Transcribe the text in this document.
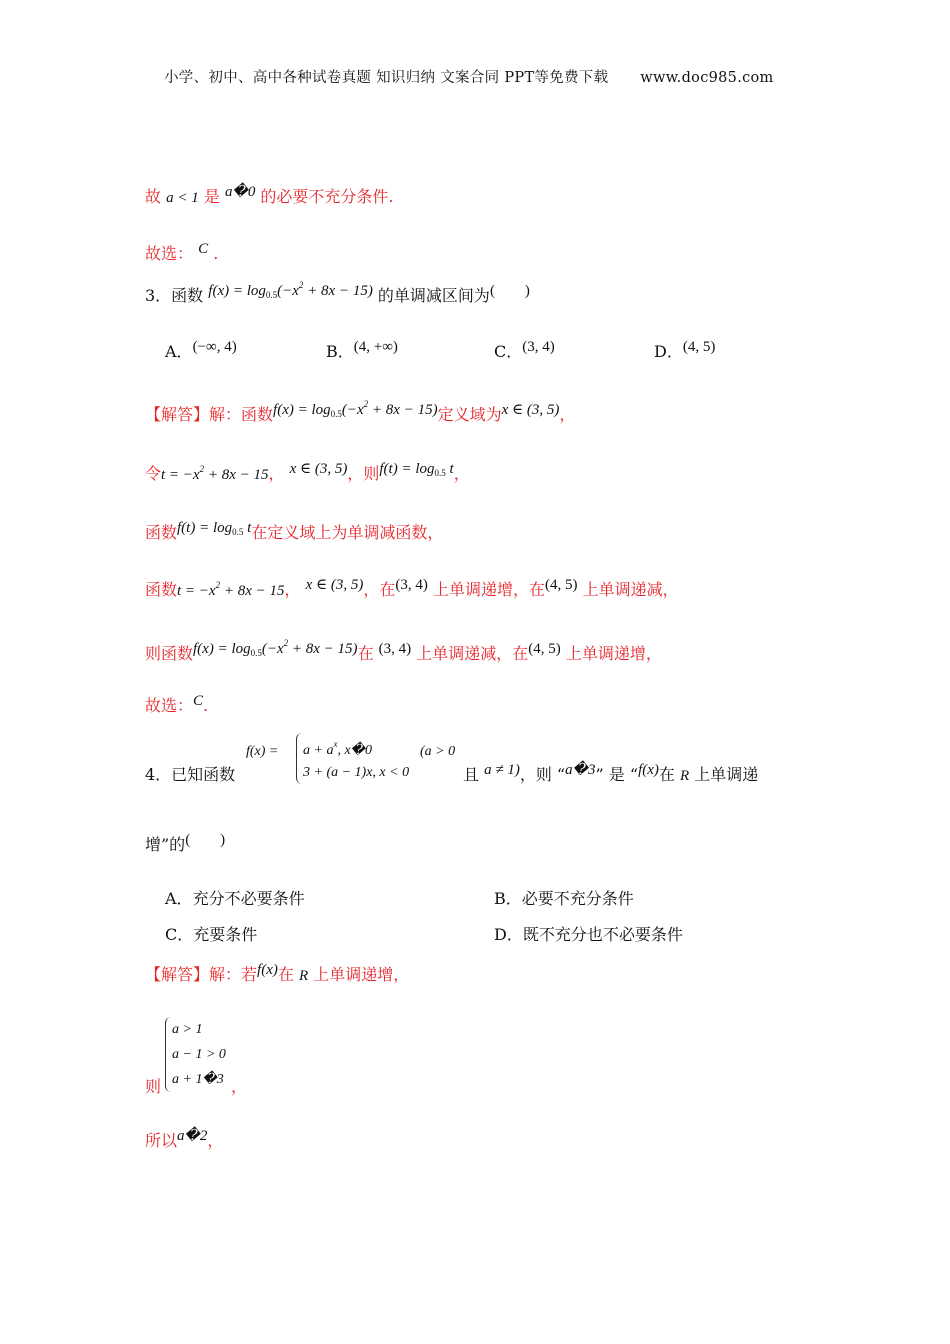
小学、初中、高中各种试卷真题 知识归纳 文案合同 PPT等免费下载 www.doc985.com
故 a < 1 是 a�0 的必要不充分条件.
故选： C .
3．函数 $f(x) = \log_{0.5}(-x^2 + 8x - 15)$ 的单调减区间为(　　)
A．(−∞, 4)	B．(4, +∞)	C．(3, 4)	D．(4, 5)
【解答】解：函数$f(x) = \log_{0.5}(-x^2 + 8x - 15)$定义域为x ∈ (3, 5)，
令$t = -x^2 + 8x - 15$， x ∈ (3, 5)，则$f(t) = \log_{0.5} t$，
函数$f(t) = \log_{0.5} t$在定义域上为单调减函数，
函数$t = -x^2 + 8x - 15$， x ∈ (3, 5)，在(3, 4) 上单调递增，在(4, 5) 上单调递减，
则函数$f(x) = \log_{0.5}(-x^2 + 8x - 15)$在 (3, 4) 上单调递减，在(4, 5) 上单调递增，
故选：C.
4．已知函数
$f(x) = a + a^x$, x�0
3 + (a − 1)x, x < 0
(a > 0
且 a ≠ 1)，则 “a�3” 是 “f(x)在 R 上单调递
增”的(　　)
A．充分不必要条件	B．必要不充分条件
C．充要条件	D．既不充分也不必要条件
【解答】解：若f(x)在 R 上单调递增，
a > 1
a − 1 > 0
a + 1�3
则	，
所以a�2，
